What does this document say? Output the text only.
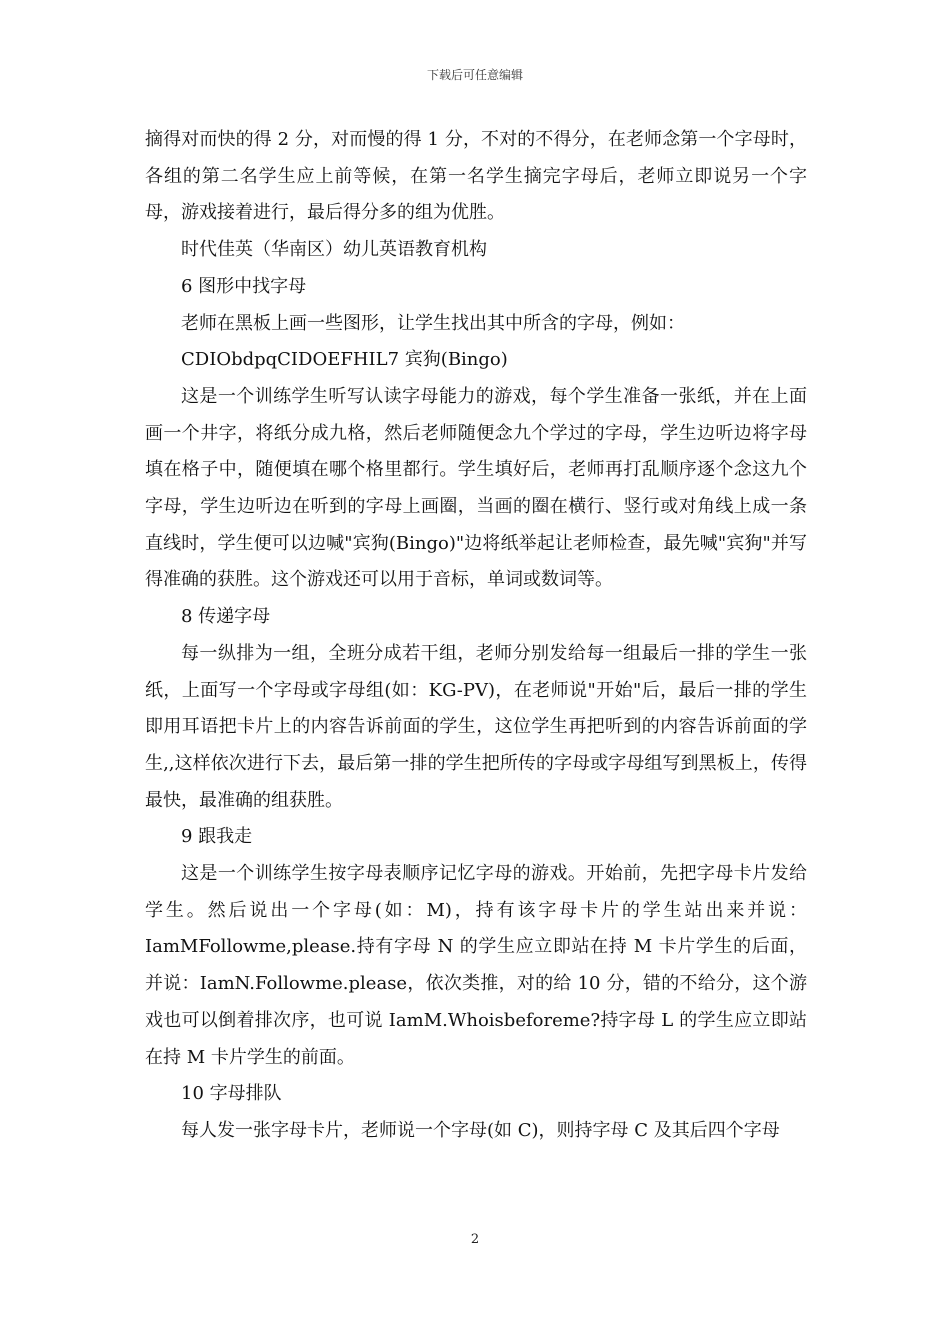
下载后可任意编辑

摘得对而快的得 2 分，对而慢的得 1 分，不对的不得分，在老师念第一个字母时，各组的第二名学生应上前等候，在第一名学生摘完字母后，老师立即说另一个字母，游戏接着进行，最后得分多的组为优胜。

时代佳英（华南区）幼儿英语教育机构

6 图形中找字母

老师在黑板上画一些图形，让学生找出其中所含的字母，例如：

CDIObdpqCIDOEFHIL7 宾狗(Bingo)

这是一个训练学生听写认读字母能力的游戏，每个学生准备一张纸，并在上面画一个井字，将纸分成九格，然后老师随便念九个学过的字母，学生边听边将字母填在格子中，随便填在哪个格里都行。学生填好后，老师再打乱顺序逐个念这九个字母，学生边听边在听到的字母上画圈，当画的圈在横行、竖行或对角线上成一条直线时，学生便可以边喊"宾狗(Bingo)"边将纸举起让老师检查，最先喊"宾狗"并写得准确的获胜。这个游戏还可以用于音标，单词或数词等。

8 传递字母

每一纵排为一组，全班分成若干组，老师分别发给每一组最后一排的学生一张纸，上面写一个字母或字母组(如：KG-PV)，在老师说"开始"后，最后一排的学生即用耳语把卡片上的内容告诉前面的学生，这位学生再把听到的内容告诉前面的学生,,这样依次进行下去，最后第一排的学生把所传的字母或字母组写到黑板上，传得最快，最准确的组获胜。

9 跟我走

这是一个训练学生按字母表顺序记忆字母的游戏。开始前，先把字母卡片发给学生。然后说出一个字母(如：M)，持有该字母卡片的学生站出来并说：IamMFollowme,please.持有字母 N 的学生应立即站在持 M 卡片学生的后面，并说：IamN.Followme.please，依次类推，对的给 10 分，错的不给分，这个游戏也可以倒着排次序，也可说 IamM.Whoisbeforeme?持字母 L 的学生应立即站在持 M 卡片学生的前面。

10 字母排队

每人发一张字母卡片，老师说一个字母(如 C)，则持字母 C 及其后四个字母

2
